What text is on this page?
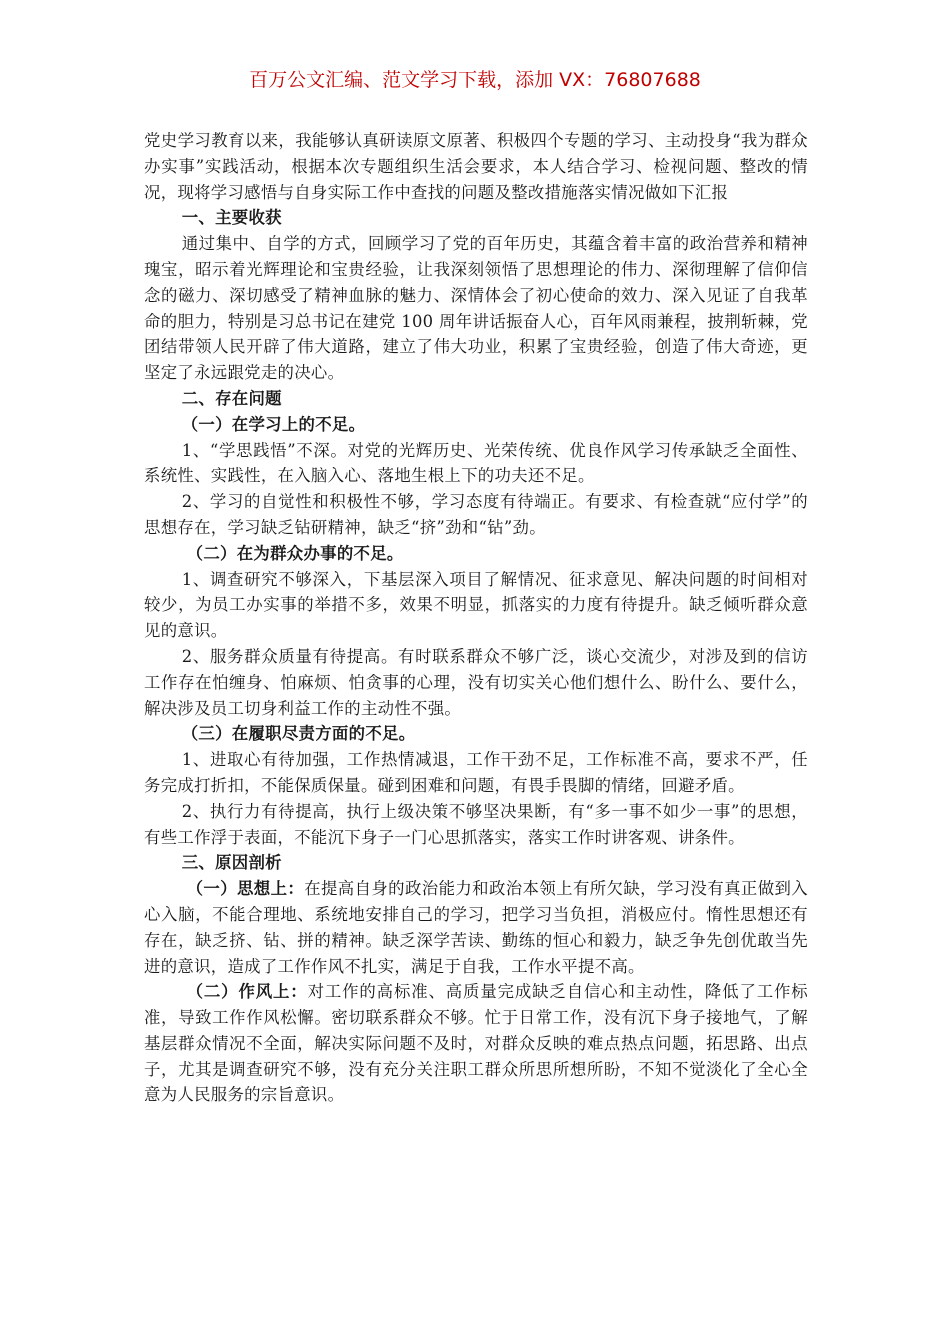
百万公文汇编、范文学习下载，添加 VX：76807688

党史学习教育以来，我能够认真研读原文原著、积极四个专题的学习、主动投身“我为群众办实事”实践活动，根据本次专题组织生活会要求，本人结合学习、检视问题、整改的情况，现将学习感悟与自身实际工作中查找的问题及整改措施落实情况做如下汇报

一、主要收获

通过集中、自学的方式，回顾学习了党的百年历史，其蕴含着丰富的政治营养和精神瑰宝，昭示着光辉理论和宝贵经验，让我深刻领悟了思想理论的伟力、深彻理解了信仰信念的磁力、深切感受了精神血脉的魅力、深情体会了初心使命的效力、深入见证了自我革命的胆力，特别是习总书记在建党 100 周年讲话振奋人心，百年风雨兼程，披荆斩棘，党团结带领人民开辟了伟大道路，建立了伟大功业，积累了宝贵经验，创造了伟大奇迹，更坚定了永远跟党走的决心。

二、存在问题

（一）在学习上的不足。

1、“学思践悟”不深。对党的光辉历史、光荣传统、优良作风学习传承缺乏全面性、系统性、实践性，在入脑入心、落地生根上下的功夫还不足。

2、学习的自觉性和积极性不够，学习态度有待端正。有要求、有检查就“应付学”的思想存在，学习缺乏钻研精神，缺乏“挤”劲和“钻”劲。

（二）在为群众办事的不足。

1、调查研究不够深入，下基层深入项目了解情况、征求意见、解决问题的时间相对较少，为员工办实事的举措不多，效果不明显，抓落实的力度有待提升。缺乏倾听群众意见的意识。

2、服务群众质量有待提高。有时联系群众不够广泛，谈心交流少，对涉及到的信访工作存在怕缠身、怕麻烦、怕贪事的心理，没有切实关心他们想什么、盼什么、要什么，解决涉及员工切身利益工作的主动性不强。

（三）在履职尽责方面的不足。

1、进取心有待加强，工作热情减退，工作干劲不足，工作标准不高，要求不严，任务完成打折扣，不能保质保量。碰到困难和问题，有畏手畏脚的情绪，回避矛盾。

2、执行力有待提高，执行上级决策不够坚决果断，有“多一事不如少一事”的思想，有些工作浮于表面，不能沉下身子一门心思抓落实，落实工作时讲客观、讲条件。

三、原因剖析

（一）思想上：在提高自身的政治能力和政治本领上有所欠缺，学习没有真正做到入心入脑，不能合理地、系统地安排自己的学习，把学习当负担，消极应付。惰性思想还有存在，缺乏挤、钻、拼的精神。缺乏深学苦读、勤练的恒心和毅力，缺乏争先创优敢当先进的意识，造成了工作作风不扎实，满足于自我，工作水平提不高。

（二）作风上：对工作的高标准、高质量完成缺乏自信心和主动性，降低了工作标准，导致工作作风松懈。密切联系群众不够。忙于日常工作，没有沉下身子接地气，了解基层群众情况不全面，解决实际问题不及时，对群众反映的难点热点问题，拓思路、出点子，尤其是调查研究不够，没有充分关注职工群众所思所想所盼，不知不觉淡化了全心全意为人民服务的宗旨意识。
